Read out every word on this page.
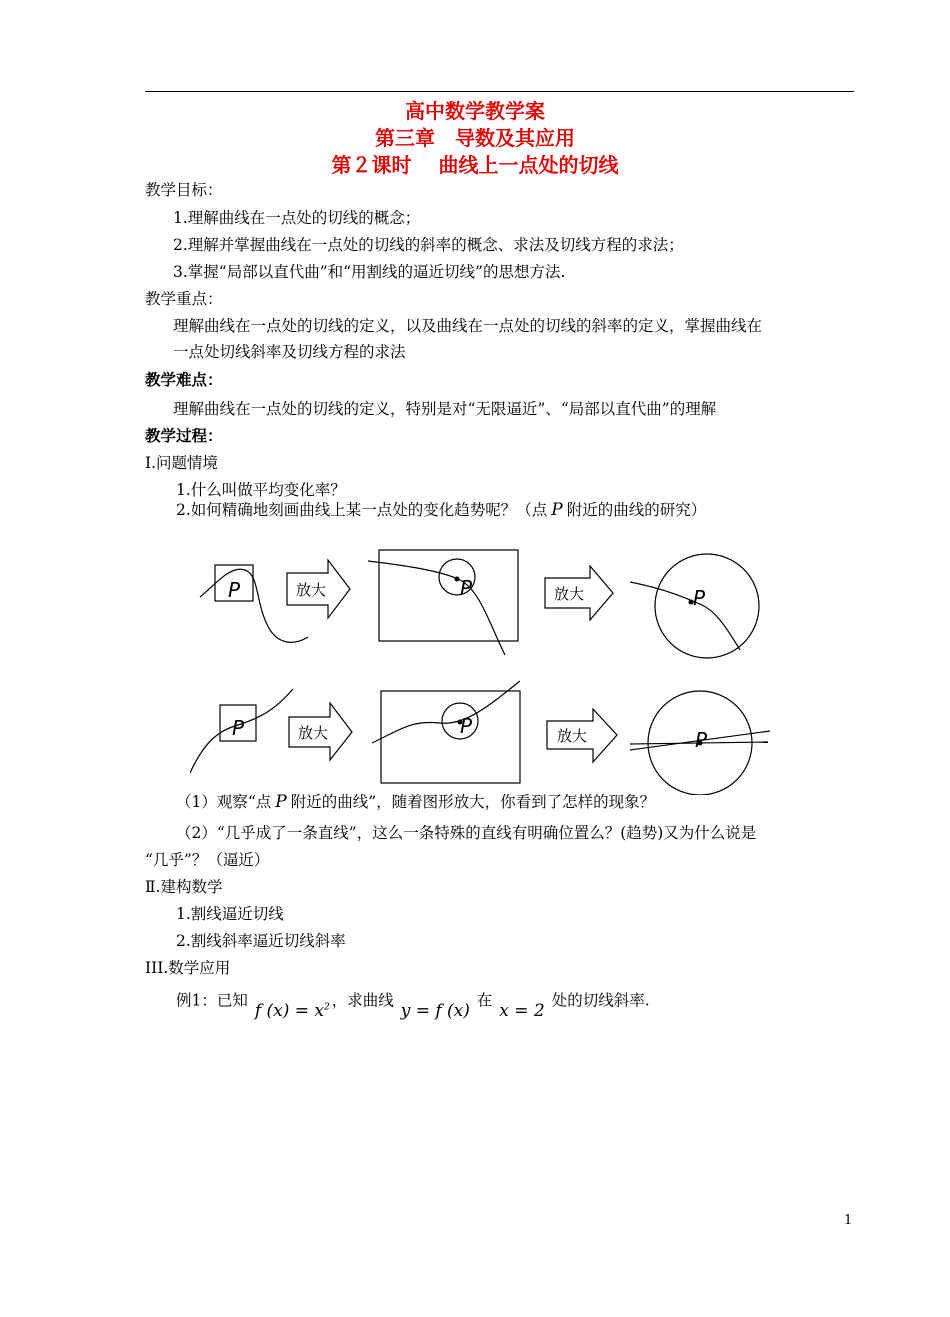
高中数学教学案
第三章　导数及其应用
第２课时　 曲线上一点处的切线
教学目标：
1.理解曲线在一点处的切线的概念；
2.理解并掌握曲线在一点处的切线的斜率的概念、求法及切线方程的求法；
3.掌握“局部以直代曲”和“用割线的逼近切线”的思想方法.
教学重点：
理解曲线在一点处的切线的定义，以及曲线在一点处的切线的斜率的定义，掌握曲线在
一点处切线斜率及切线方程的求法
教学难点：
理解曲线在一点处的切线的定义，特别是对“无限逼近”、“局部以直代曲”的理解
教学过程：
Ⅰ.问题情境
1.什么叫做平均变化率？
2.如何精确地刻画曲线上某一点处的变化趋势呢？（点 P 附近的曲线的研究）
放大	放大
放大	放大
P	P	P
P	P
P
（1）观察“点 P 附近的曲线”，随着图形放大，你看到了怎样的现象？
（2）“几乎成了一条直线”，这么一条特殊的直线有明确位置么？(趋势)又为什么说是
“几乎”？（逼近）
Ⅱ.建构数学
1.割线逼近切线
2.割线斜率逼近切线斜率
III.数学应用
例1：已知 f $(x) = x^2$ ，求曲线 y = f (x) 在 x = 2 处的切线斜率.
1
